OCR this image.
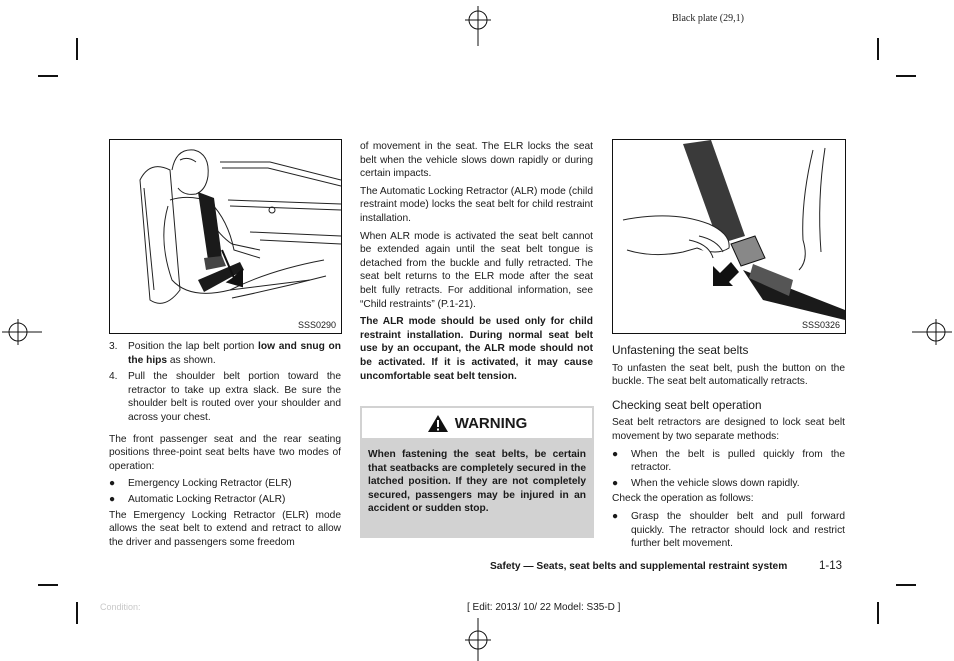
Black plate (29,1)
SSS0290
3.	Position the lap belt portion low and snug on the hips as shown.
4.	Pull the shoulder belt portion toward the retractor to take up extra slack. Be sure the shoulder belt is routed over your shoulder and across your chest.

The front passenger seat and the rear seating positions three-point seat belts have two modes of operation:

●	Emergency Locking Retractor (ELR)
●	Automatic Locking Retractor (ALR)

The Emergency Locking Retractor (ELR) mode allows the seat belt to extend and retract to allow the driver and passengers some freedom

of movement in the seat. The ELR locks the seat belt when the vehicle slows down rapidly or during certain impacts.

The Automatic Locking Retractor (ALR) mode (child restraint mode) locks the seat belt for child restraint installation.

When ALR mode is activated the seat belt cannot be extended again until the seat belt tongue is detached from the buckle and fully retracted. The seat belt returns to the ELR mode after the seat belt fully retracts. For additional information, see “Child restraints” (P.1-21).

The ALR mode should be used only for child restraint installation. During normal seat belt use by an occupant, the ALR mode should not be activated. If it is activated, it may cause uncomfortable seat belt tension.

WARNING
When fastening the seat belts, be certain that seatbacks are completely secured in the latched position. If they are not completely secured, passengers may be injured in an accident or sudden stop.
SSS0326
Unfastening the seat belts

To unfasten the seat belt, push the button on the buckle. The seat belt automatically retracts.

Checking seat belt operation

Seat belt retractors are designed to lock seat belt movement by two separate methods:

●	When the belt is pulled quickly from the retractor.
●	When the vehicle slows down rapidly.

Check the operation as follows:

●	Grasp the shoulder belt and pull forward quickly. The retractor should lock and restrict further belt movement.
Safety — Seats, seat belts and supplemental restraint system	1-13
Condition:	[ Edit: 2013/ 10/ 22 Model: S35-D ]
